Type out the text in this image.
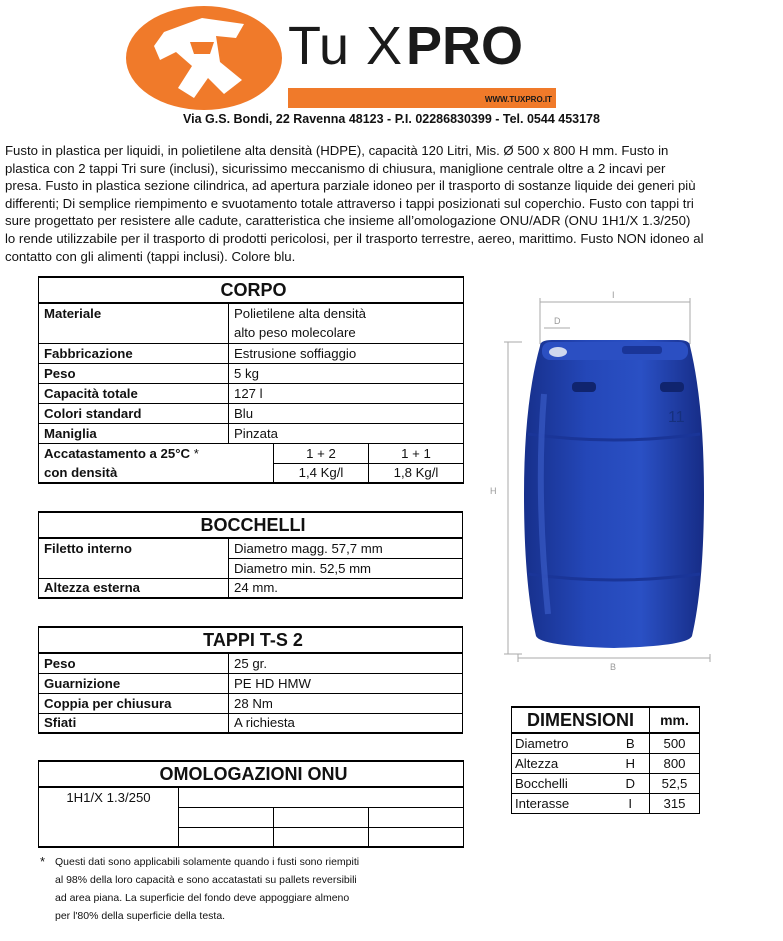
Tu X PRO
WWW.TUXPRO.IT
Via G.S. Bondi, 22 Ravenna 48123 - P.I. 02286830399 - Tel. 0544 453178
Fusto in plastica per liquidi, in polietilene alta densità (HDPE), capacità 120 Litri, Mis. Ø 500 x 800 H mm. Fusto in
plastica con 2 tappi Tri sure (inclusi), sicurissimo meccanismo di chiusura, maniglione centrale oltre a 2 incavi per
presa. Fusto in plastica sezione cilindrica, ad apertura parziale idoneo per il trasporto di sostanze liquide dei generi più
differenti; Di semplice riempimento e svuotamento totale attraverso i tappi posizionati sul coperchio. Fusto con tappi tri
sure progettato per resistere alle cadute, caratteristica che insieme all’omologazione ONU/ADR (ONU 1H1/X 1.3/250)
lo rende utilizzabile per il trasporto di prodotti pericolosi, per il trasporto terrestre, aereo, marittimo. Fusto NON idoneo al
contatto con gli alimenti (tappi inclusi). Colore blu.
CORPO			
Materiale	Polietilene alta densità		
	alto peso molecolare		
Fabbricazione	Estrusione soffiaggio		
Peso	5 kg		
Capacità totale	127 l		
Colori standard	Blu		
Maniglia	Pinzata		
Accatastamento a 25°C *		1 + 2	1 + 1
con densità		1,4 Kg/l	1,8 Kg/l
BOCCHELLI	
Filetto interno	Diametro magg. 57,7 mm
	Diametro min. 52,5 mm
Altezza esterna	24 mm.
TAPPI T-S 2	
Peso	25 gr.
Guarnizione	PE HD HMW
Coppia per chiusura	28 Nm
Sfiati	A richiesta
OMOLOGAZIONI ONU			
1H1/X 1.3/250			

I
D
H
B
11
DIMENSIONI		mm.
Diametro	B	500
Altezza	H	800
Bocchelli	D	52,5
Interasse	I	315
* Questi dati sono applicabili solamente quando i fusti sono riempiti
al 98% della loro capacità e sono accatastati su pallets reversibili
ad area piana. La superficie del fondo deve appoggiare almeno
per l'80% della superficie della testa.
